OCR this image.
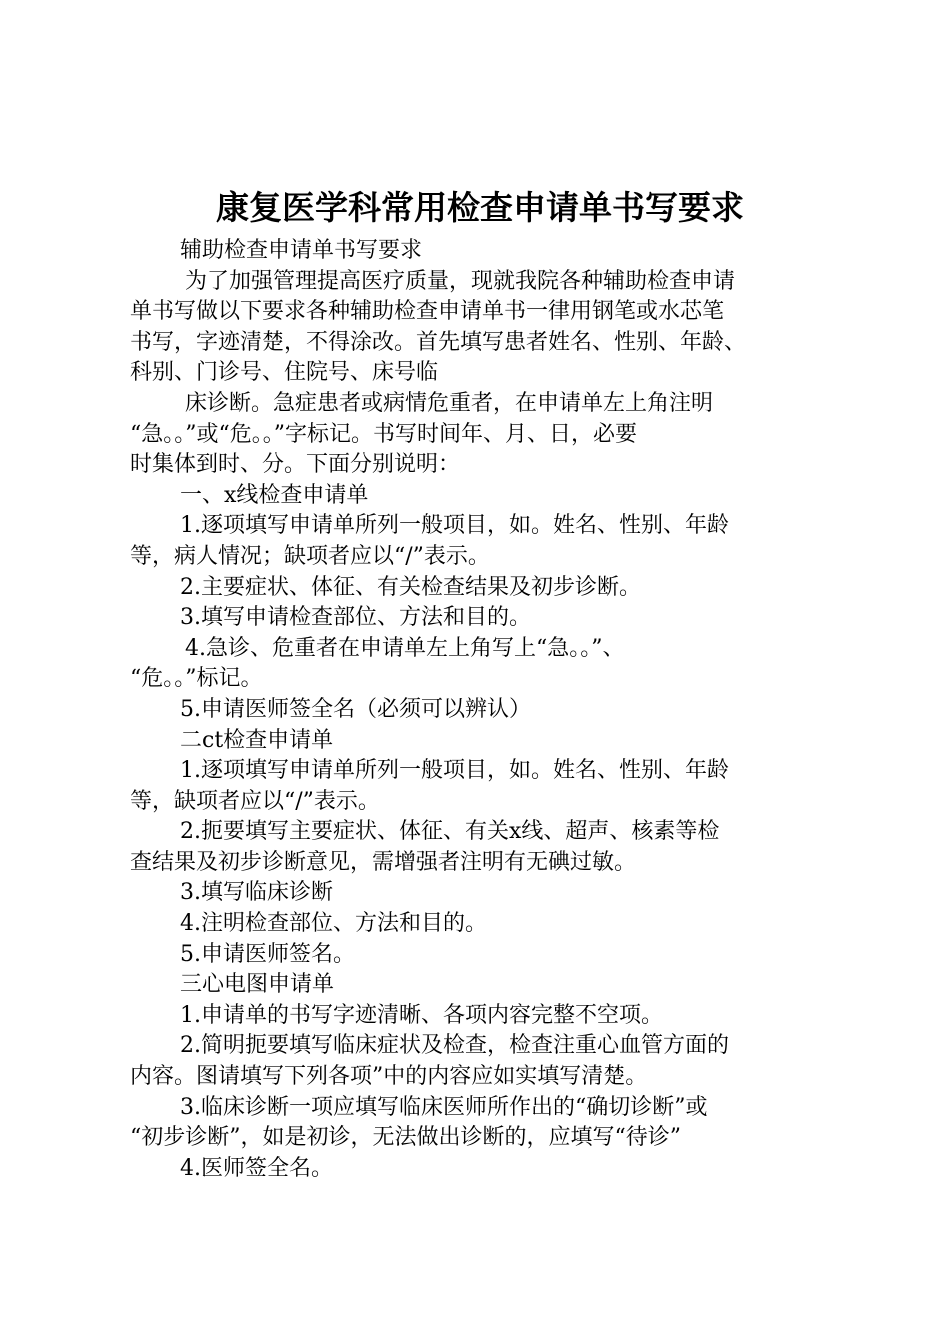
康复医学科常用检查申请单书写要求
辅助检查申请单书写要求
为了加强管理提高医疗质量，现就我院各种辅助检查申请
单书写做以下要求各种辅助检查申请单书一律用钢笔或水芯笔
书写，字迹清楚，不得涂改。首先填写患者姓名、性别、年龄、
科别、门诊号、住院号、床号临
床诊断。急症患者或病情危重者，在申请单左上角注明
“急。。”或“危。。”字标记。书写时间年、月、日，必要
时集体到时、分。下面分别说明：
一、x线检查申请单
1.逐项填写申请单所列一般项目，如。姓名、性别、年龄
等，病人情况；缺项者应以“/”表示。
2.主要症状、体征、有关检查结果及初步诊断。
3.填写申请检查部位、方法和目的。
4.急诊、危重者在申请单左上角写上“急。。”、
“危。。”标记。
5.申请医师签全名（必须可以辨认）
二ct检查申请单
1.逐项填写申请单所列一般项目，如。姓名、性别、年龄
等，缺项者应以“/”表示。
2.扼要填写主要症状、体征、有关x线、超声、核素等检
查结果及初步诊断意见，需增强者注明有无碘过敏。
3.填写临床诊断
4.注明检查部位、方法和目的。
5.申请医师签名。
三心电图申请单
1.申请单的书写字迹清晰、各项内容完整不空项。
2.简明扼要填写临床症状及检查，检查注重心血管方面的
内容。图请填写下列各项”中的内容应如实填写清楚。
3.临床诊断一项应填写临床医师所作出的“确切诊断”或
“初步诊断”，如是初诊，无法做出诊断的，应填写“待诊”
4.医师签全名。
